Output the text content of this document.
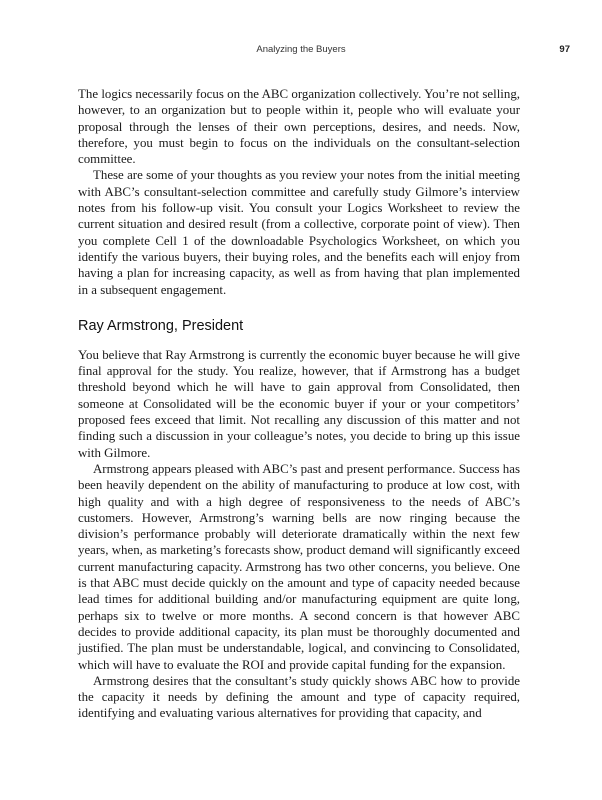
Analyzing the Buyers	97

The logics necessarily focus on the ABC organization collectively. You’re not selling, however, to an organization but to people within it, people who will evaluate your proposal through the lenses of their own perceptions, desires, and needs. Now, therefore, you must begin to focus on the individuals on the consultant-selection committee.

These are some of your thoughts as you review your notes from the initial meeting with ABC’s consultant-selection committee and carefully study Gilmore’s interview notes from his follow-up visit. You consult your Logics Worksheet to review the current situation and desired result (from a collective, corporate point of view). Then you complete Cell 1 of the downloadable Psychologics Worksheet, on which you identify the various buyers, their buying roles, and the benefits each will enjoy from having a plan for increasing capacity, as well as from having that plan implemented in a subsequent engagement.

Ray Armstrong, President

You believe that Ray Armstrong is currently the economic buyer because he will give final approval for the study. You realize, however, that if Armstrong has a budget threshold beyond which he will have to gain approval from Consolidated, then someone at Consolidated will be the economic buyer if your or your competitors’ proposed fees exceed that limit. Not recalling any discussion of this matter and not finding such a discussion in your colleague’s notes, you decide to bring up this issue with Gilmore.

Armstrong appears pleased with ABC’s past and present performance. Success has been heavily dependent on the ability of manufacturing to produce at low cost, with high quality and with a high degree of responsiveness to the needs of ABC’s customers. However, Armstrong’s warning bells are now ringing because the division’s performance probably will deteriorate dramatically within the next few years, when, as marketing’s forecasts show, product demand will significantly exceed current manufacturing capacity. Armstrong has two other concerns, you believe. One is that ABC must decide quickly on the amount and type of capacity needed because lead times for additional building and/or manufacturing equipment are quite long, perhaps six to twelve or more months. A second concern is that however ABC decides to provide additional capacity, its plan must be thoroughly documented and justified. The plan must be understandable, logical, and convincing to Consolidated, which will have to evaluate the ROI and provide capital funding for the expansion.

Armstrong desires that the consultant’s study quickly shows ABC how to provide the capacity it needs by defining the amount and type of capacity required, identifying and evaluating various alternatives for providing that capacity, and
